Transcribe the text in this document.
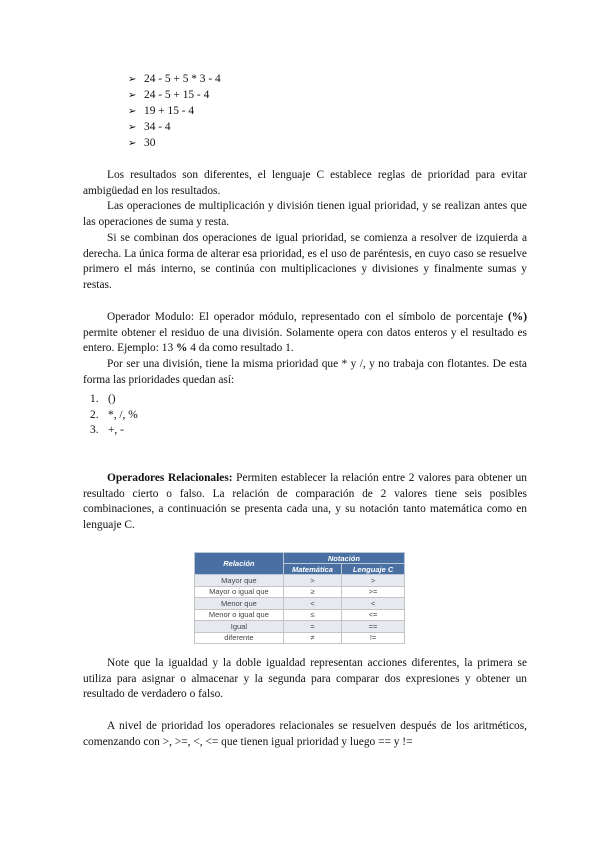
➢ 24 - 5 + 5 * 3 - 4
➢ 24 - 5 + 15 - 4
➢ 19 + 15 - 4
➢ 34 - 4
➢ 30

Los resultados son diferentes, el lenguaje C establece reglas de prioridad para evitar ambigüedad en los resultados.

Las operaciones de multiplicación y división tienen igual prioridad, y se realizan antes que las operaciones de suma y resta.

Si se combinan dos operaciones de igual prioridad, se comienza a resolver de izquierda a derecha. La única forma de alterar esa prioridad, es el uso de paréntesis, en cuyo caso se resuelve primero el más interno, se continúa con multiplicaciones y divisiones y finalmente sumas y restas.

Operador Modulo: El operador módulo, representado con el símbolo de porcentaje (%) permite obtener el residuo de una división. Solamente opera con datos enteros y el resultado es entero. Ejemplo: 13 % 4 da como resultado 1.

Por ser una división, tiene la misma prioridad que * y /, y no trabaja con flotantes. De esta forma las prioridades quedan así:

1. ()
2. *, /, %
3. +, -

Operadores Relacionales: Permiten establecer la relación entre 2 valores para obtener un resultado cierto o falso. La relación de comparación de 2 valores tiene seis posibles combinaciones, a continuación se presenta cada una, y su notación tanto matemática como en lenguaje C.

Relación	Notación	
	Matemática	Lenguaje C
Mayor que	>	>
Mayor o igual que	≥	>=
Menor que	<	<
Menor o igual que	≤	<=
Igual	=	==
diferente	≠	!=

Note que la igualdad y la doble igualdad representan acciones diferentes, la primera se utiliza para asignar o almacenar y la segunda para comparar dos expresiones y obtener un resultado de verdadero o falso.

A nivel de prioridad los operadores relacionales se resuelven después de los aritméticos, comenzando con >, >=, <, <= que tienen igual prioridad y luego == y !=
